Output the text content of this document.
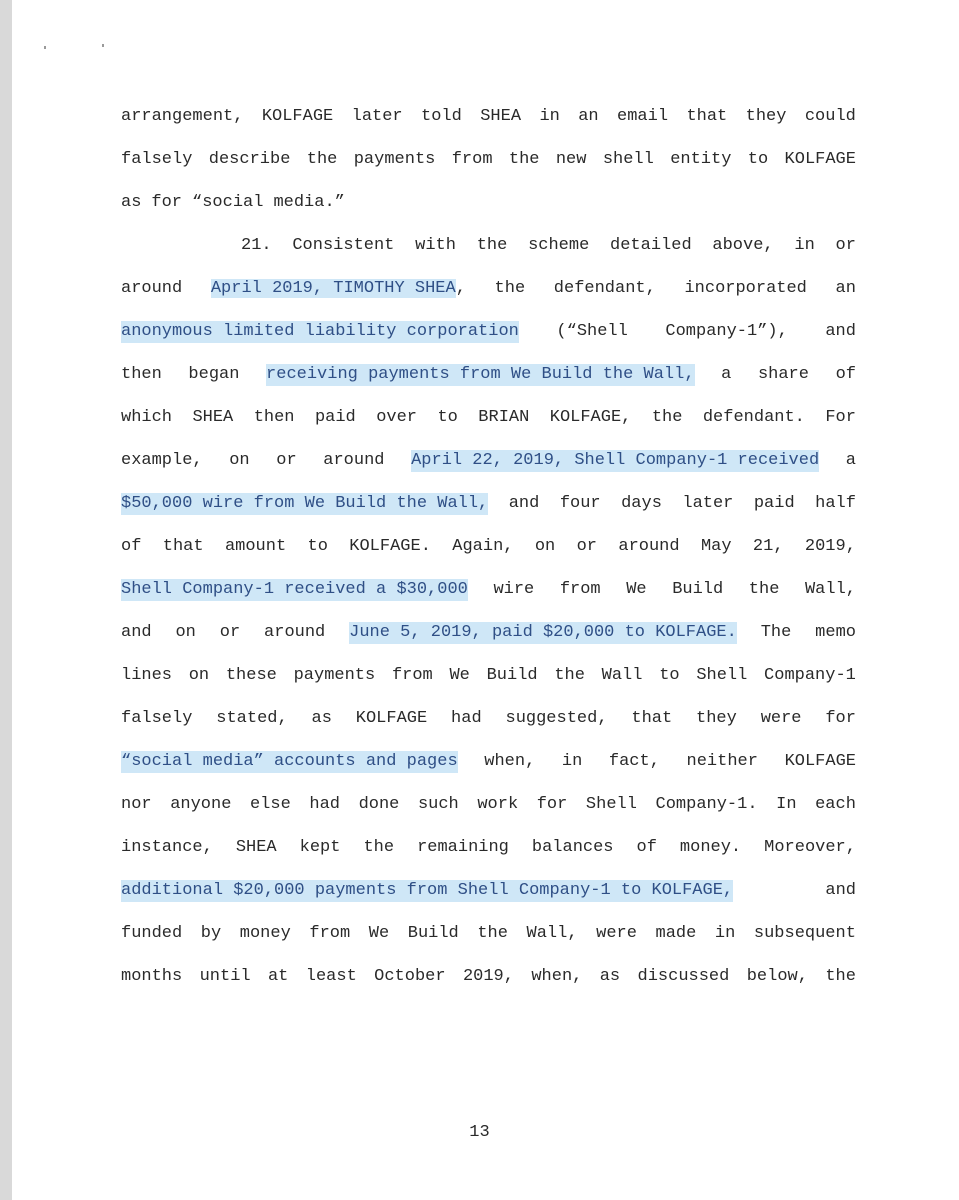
arrangement, KOLFAGE later told SHEA in an email that they could
falsely describe the payments from the new shell entity to KOLFAGE
as for “social media.”
21. Consistent with the scheme detailed above, in or
around April 2019, TIMOTHY SHEA, the defendant, incorporated an
anonymous limited liability corporation (“Shell Company-1”), and
then began receiving payments from We Build the Wall, a share of
which SHEA then paid over to BRIAN KOLFAGE, the defendant. For
example, on or around April 22, 2019, Shell Company-1 received a
$50,000 wire from We Build the Wall, and four days later paid half
of that amount to KOLFAGE. Again, on or around May 21, 2019,
Shell Company-1 received a $30,000 wire from We Build the Wall,
and on or around June 5, 2019, paid $20,000 to KOLFAGE. The memo
lines on these payments from We Build the Wall to Shell Company-1
falsely stated, as KOLFAGE had suggested, that they were for
“social media” accounts and pages when, in fact, neither KOLFAGE
nor anyone else had done such work for Shell Company-1. In each
instance, SHEA kept the remaining balances of money. Moreover,
additional $20,000 payments from Shell Company-1 to KOLFAGE,	and
funded by money from We Build the Wall, were made in subsequent
months until at least October 2019, when, as discussed below, the
13
